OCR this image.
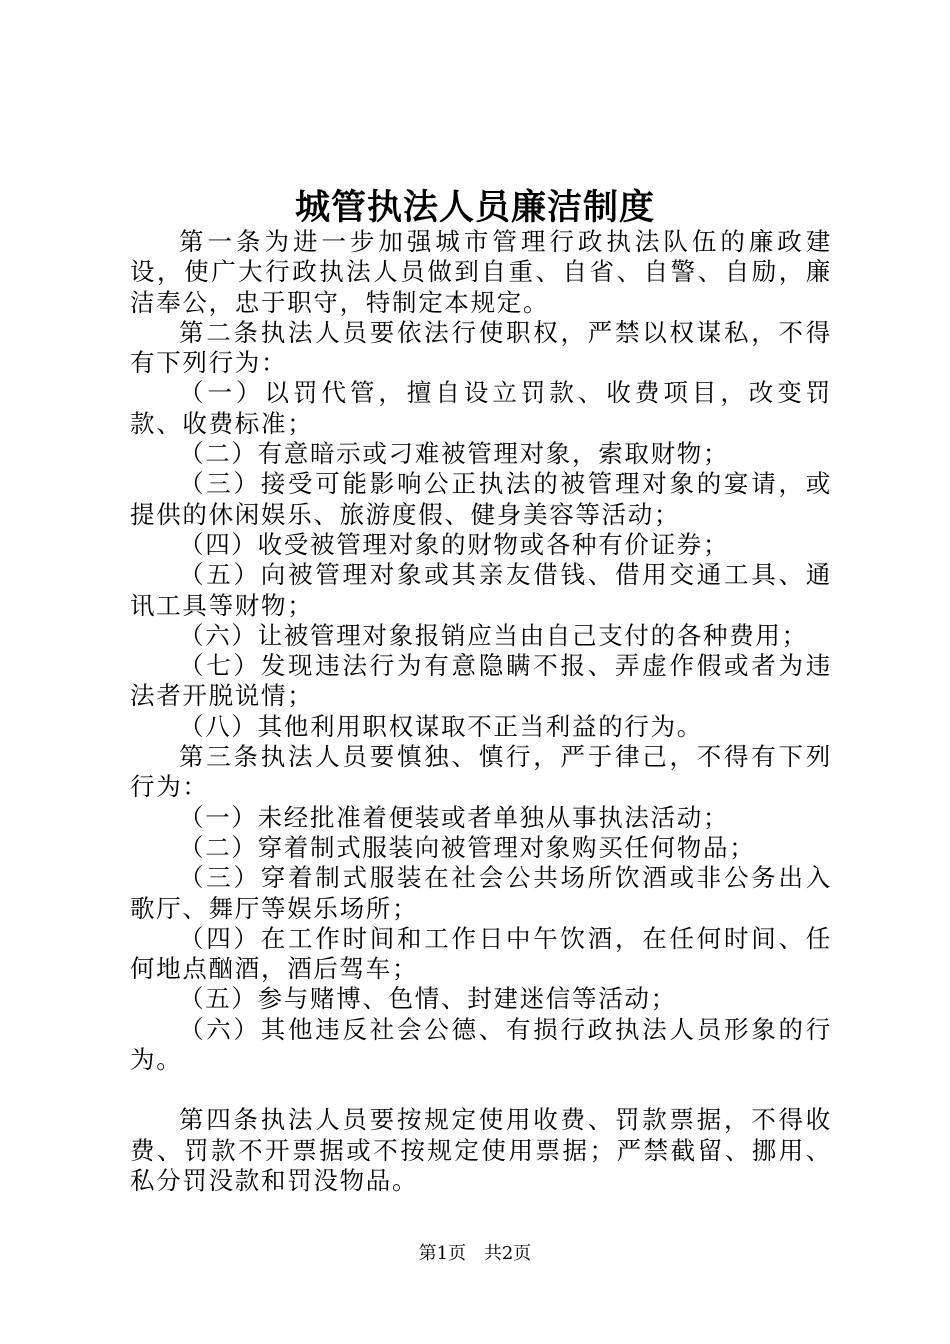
城管执法人员廉洁制度

第一条为进一步加强城市管理行政执法队伍的廉政建设，使广大行政执法人员做到自重、自省、自警、自励，廉洁奉公，忠于职守，特制定本规定。

第二条执法人员要依法行使职权，严禁以权谋私，不得有下列行为：

（一）以罚代管，擅自设立罚款、收费项目，改变罚款、收费标准；

（二）有意暗示或刁难被管理对象，索取财物；

（三）接受可能影响公正执法的被管理对象的宴请，或提供的休闲娱乐、旅游度假、健身美容等活动；

（四）收受被管理对象的财物或各种有价证券；

（五）向被管理对象或其亲友借钱、借用交通工具、通讯工具等财物；

（六）让被管理对象报销应当由自己支付的各种费用；

（七）发现违法行为有意隐瞒不报、弄虚作假或者为违法者开脱说情；

（八）其他利用职权谋取不正当利益的行为。

第三条执法人员要慎独、慎行，严于律己，不得有下列行为：

（一）未经批准着便装或者单独从事执法活动；

（二）穿着制式服装向被管理对象购买任何物品；

（三）穿着制式服装在社会公共场所饮酒或非公务出入歌厅、舞厅等娱乐场所；

（四）在工作时间和工作日中午饮酒，在任何时间、任何地点酗酒，酒后驾车；

（五）参与赌博、色情、封建迷信等活动；

（六）其他违反社会公德、有损行政执法人员形象的行为。

第四条执法人员要按规定使用收费、罚款票据，不得收费、罚款不开票据或不按规定使用票据；严禁截留、挪用、私分罚没款和罚没物品。

第1页 共2页
